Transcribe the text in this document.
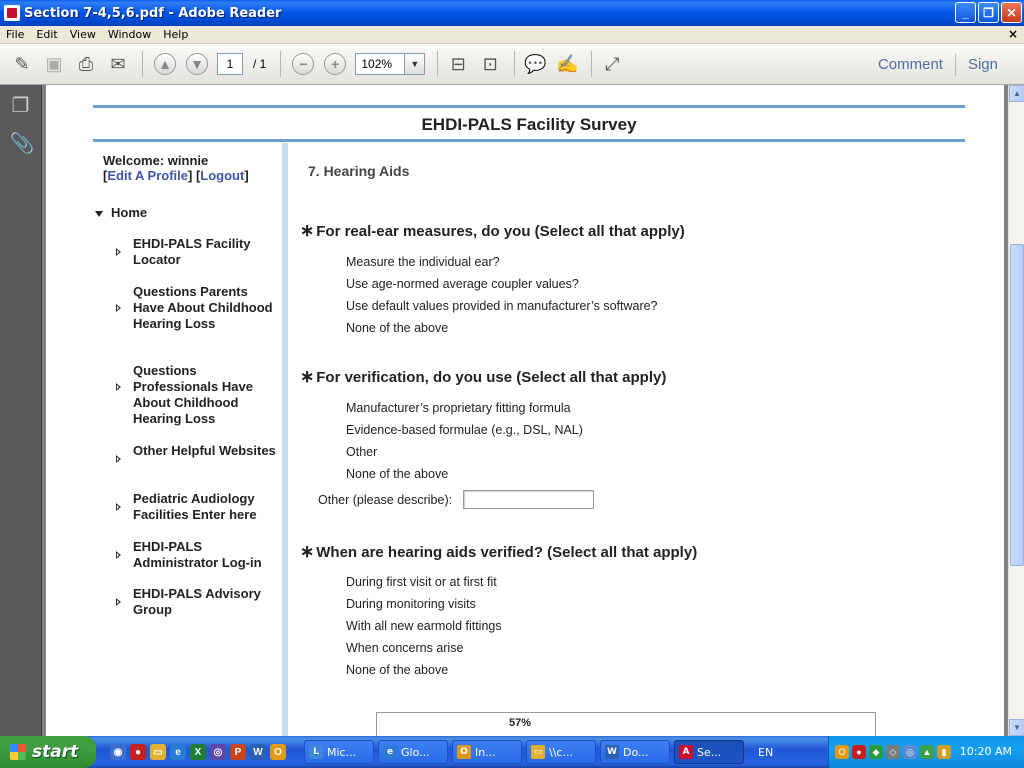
Section 7-4,5,6.pdf - Adobe Reader	_	❐	✕
File	Edit	View	Window	Help	×
✎ ▣ ⎙ ✉	▲ ▼	1	/ 1	−	+	102%	▼	⊟ ⊡	💬 ✍	⤢	Comment	Sign
❐
📎
EHDI-PALS Facility Survey
Welcome: winnie
[Edit A Profile] [Logout]
Home
EHDI-PALS Facility Locator
Questions Parents Have About Childhood Hearing Loss
Questions Professionals Have About Childhood Hearing Loss
Other Helpful Websites
Pediatric Audiology Facilities Enter here
EHDI-PALS Administrator Log-in
EHDI-PALS Advisory Group
7. Hearing Aids
∗ For real-ear measures, do you (Select all that apply)
Measure the individual ear?
Use age-normed average coupler values?
Use default values provided in manufacturer’s software?
None of the above
∗ For verification, do you use (Select all that apply)
Manufacturer’s proprietary fitting formula
Evidence-based formulae (e.g., DSL, NAL)
Other
None of the above
Other (please describe):
∗ When are hearing aids verified? (Select all that apply)
During first visit or at first fit
During monitoring visits
With all new earmold fittings
When concerns arise
None of the above
57%
▲
▼
start	◉	●	▭	e	X	◎	P	W	O	L Mic...	e Glo...	O In...	▭ \\c...	W Do...	A Se...	EN	O	●	◆	◇	◎ ▲	▮	10:20 AM
